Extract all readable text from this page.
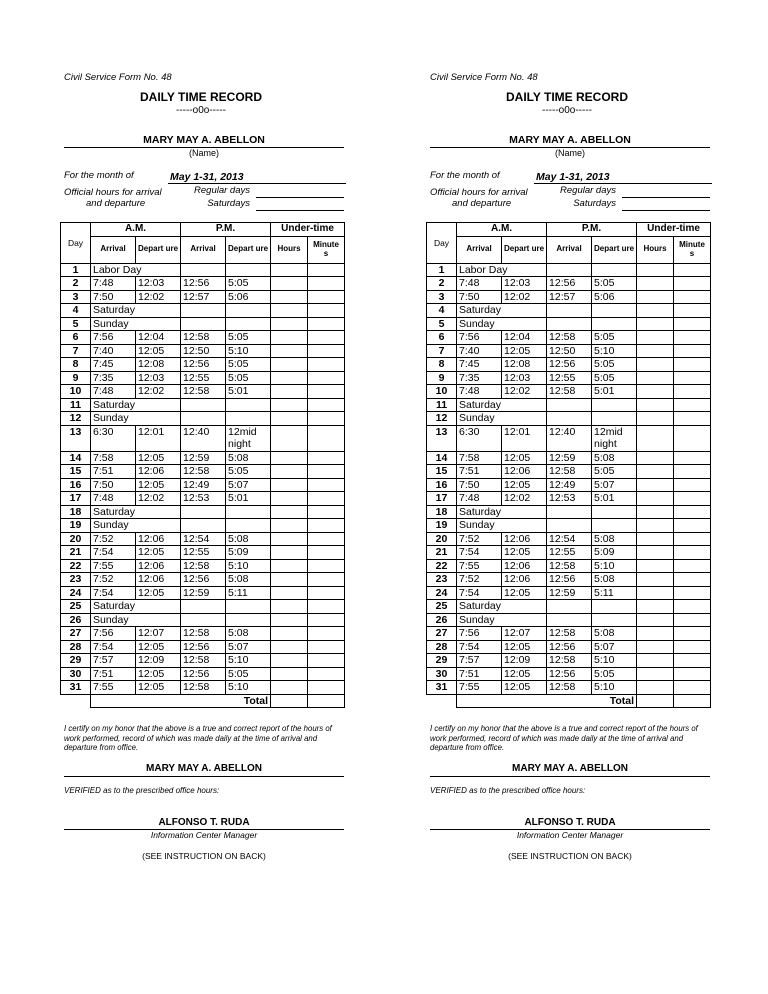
Civil Service Form No. 48
DAILY TIME RECORD
-----o0o-----
MARY MAY A. ABELLON
(Name)
For the month of	May 1-31, 2013
Official hours for arrival
and departure
Regular days
Saturdays
Day	A.M.		P.M.		Under-time	
	Arrival	Depart ure	Arrival	Depart ure	Hours	Minute s
1	Labor Day					
2	7:48	12:03	12:56	5:05		
3	7:50	12:02	12:57	5:06		
4	Saturday					
5	Sunday					
6	7:56	12:04	12:58	5:05		
7	7:40	12:05	12:50	5:10		
8	7:45	12:08	12:56	5:05		
9	7:35	12:03	12:55	5:05		
10	7:48	12:02	12:58	5:01		
11	Saturday					
12	Sunday					
13	6:30	12:01	12:40	12mid night		
14	7:58	12:05	12:59	5:08		
15	7:51	12:06	12:58	5:05		
16	7:50	12:05	12:49	5:07		
17	7:48	12:02	12:53	5:01		
18	Saturday					
19	Sunday					
20	7:52	12:06	12:54	5:08		
21	7:54	12:05	12:55	5:09		
22	7:55	12:06	12:58	5:10		
23	7:52	12:06	12:56	5:08		
24	7:54	12:05	12:59	5:11		
25	Saturday					
26	Sunday					
27	7:56	12:07	12:58	5:08		
28	7:54	12:05	12:56	5:07		
29	7:57	12:09	12:58	5:10		
30	7:51	12:05	12:56	5:05		
31	7:55	12:05	12:58	5:10		
	Total					
I certify on my honor that the above is a true and correct report of the hours of work performed, record of which was made daily at the time of arrival and departure from office.
MARY MAY A. ABELLON
VERIFIED as to the prescribed office hours:
ALFONSO T. RUDA
Information Center Manager
(SEE INSTRUCTION ON BACK)
Civil Service Form No. 48
DAILY TIME RECORD
-----o0o-----
MARY MAY A. ABELLON
(Name)
For the month of	May 1-31, 2013
Official hours for arrival
and departure
Regular days
Saturdays
Day	A.M.		P.M.		Under-time	
	Arrival	Depart ure	Arrival	Depart ure	Hours	Minute s
1	Labor Day					
2	7:48	12:03	12:56	5:05		
3	7:50	12:02	12:57	5:06		
4	Saturday					
5	Sunday					
6	7:56	12:04	12:58	5:05		
7	7:40	12:05	12:50	5:10		
8	7:45	12:08	12:56	5:05		
9	7:35	12:03	12:55	5:05		
10	7:48	12:02	12:58	5:01		
11	Saturday					
12	Sunday					
13	6:30	12:01	12:40	12mid night		
14	7:58	12:05	12:59	5:08		
15	7:51	12:06	12:58	5:05		
16	7:50	12:05	12:49	5:07		
17	7:48	12:02	12:53	5:01		
18	Saturday					
19	Sunday					
20	7:52	12:06	12:54	5:08		
21	7:54	12:05	12:55	5:09		
22	7:55	12:06	12:58	5:10		
23	7:52	12:06	12:56	5:08		
24	7:54	12:05	12:59	5:11		
25	Saturday					
26	Sunday					
27	7:56	12:07	12:58	5:08		
28	7:54	12:05	12:56	5:07		
29	7:57	12:09	12:58	5:10		
30	7:51	12:05	12:56	5:05		
31	7:55	12:05	12:58	5:10		
	Total					
I certify on my honor that the above is a true and correct report of the hours of work performed, record of which was made daily at the time of arrival and departure from office.
MARY MAY A. ABELLON
VERIFIED as to the prescribed office hours:
ALFONSO T. RUDA
Information Center Manager
(SEE INSTRUCTION ON BACK)
